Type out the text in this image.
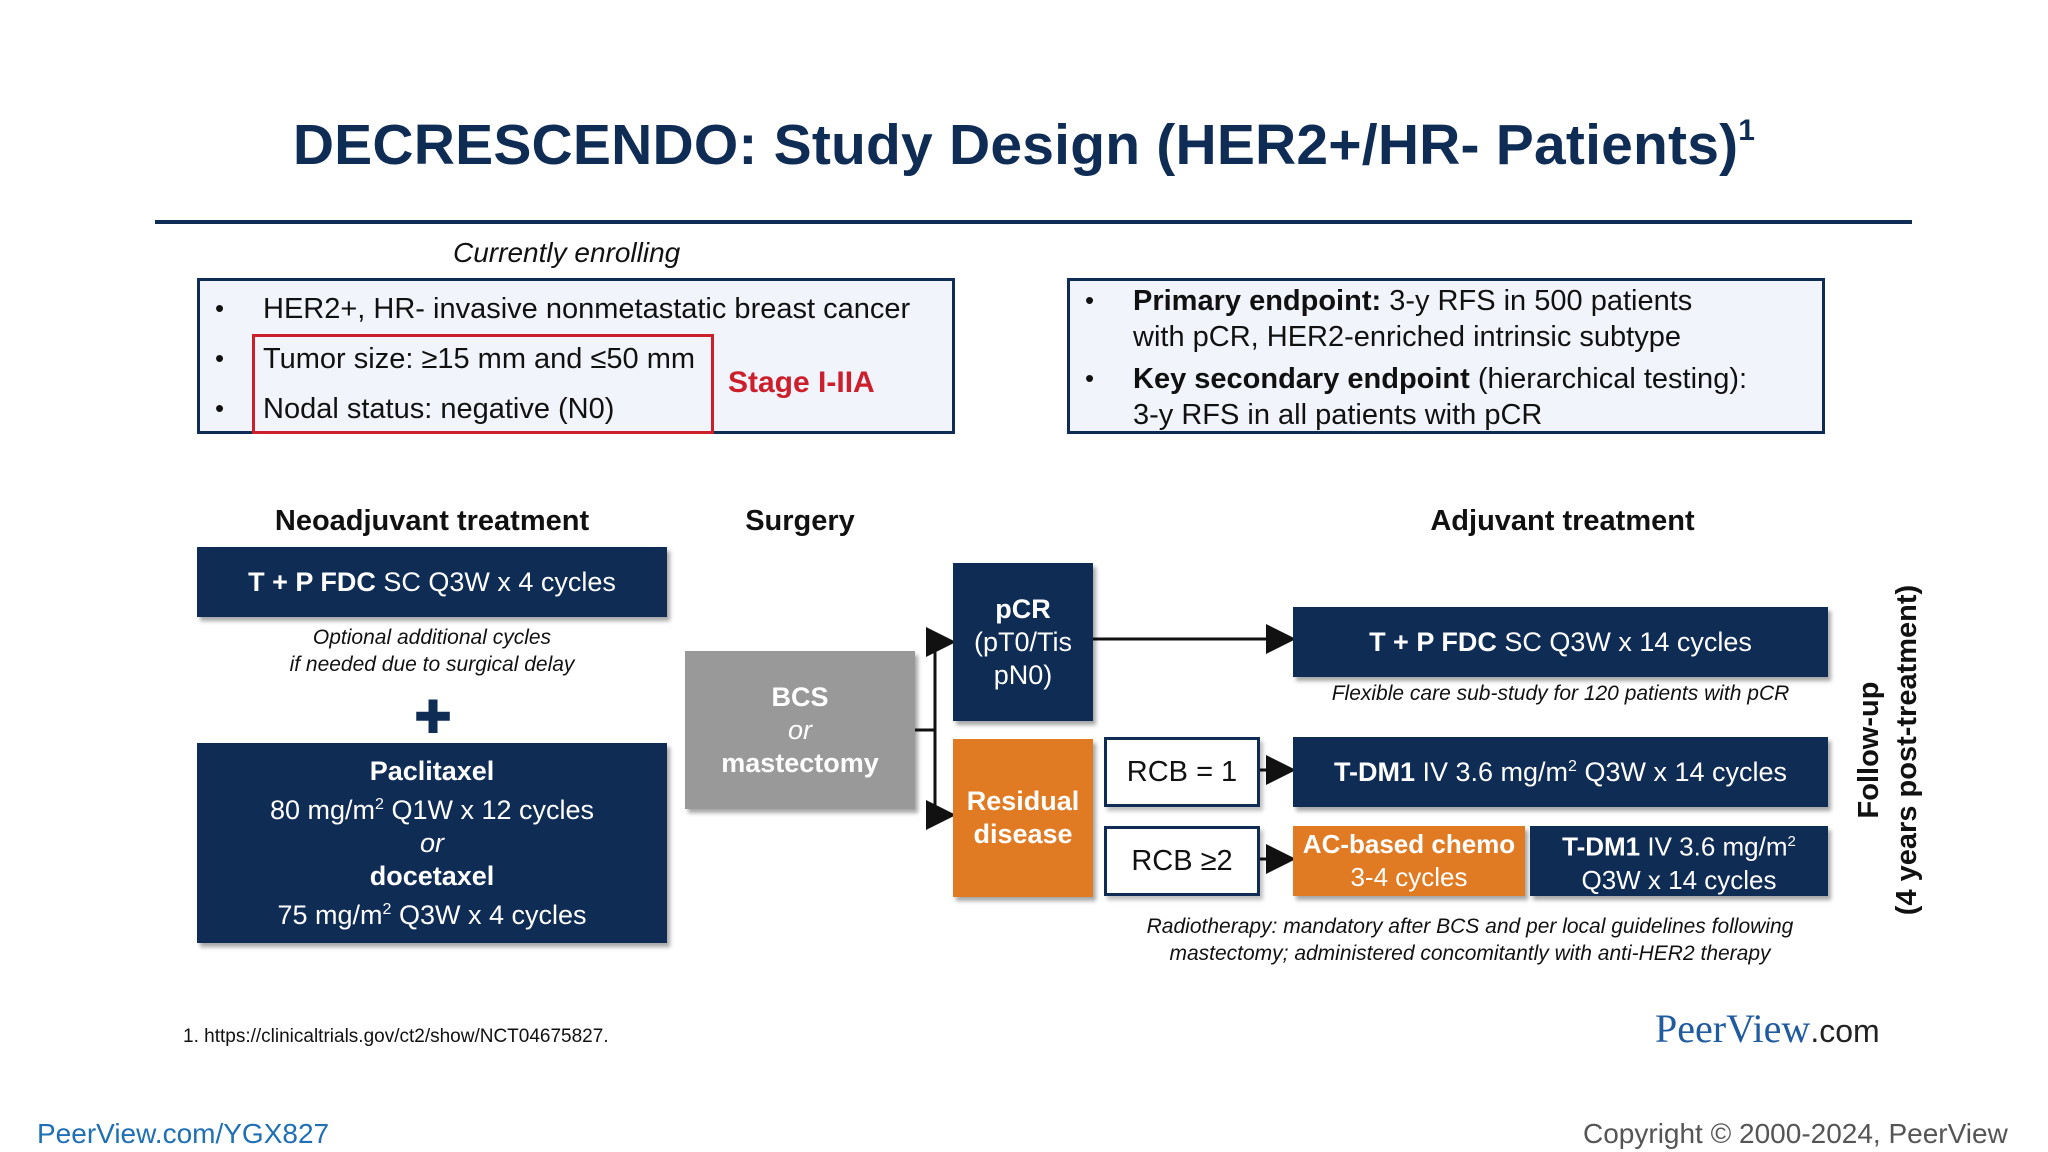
DECRESCENDO: Study Design (HER2+/HR- Patients)$^1$
Currently enrolling
• HER2+, HR- invasive nonmetastatic breast cancer
• Tumor size: ≥15 mm and ≤50 mm
• Nodal status: negative (N0)
Stage I-IIA
• Primary endpoint: 3-y RFS in 500 patients
with pCR, HER2-enriched intrinsic subtype
• Key secondary endpoint (hierarchical testing):
3-y RFS in all patients with pCR
Neoadjuvant treatment	Surgery	Adjuvant treatment
T + P FDC SC Q3W x 4 cycles
Optional additional cycles
if needed due to surgical delay
✚
Paclitaxel
80 $mg/m^2$ Q1W x 12 cycles
or
docetaxel
75 $mg/m^2$ Q3W x 4 cycles
BCS
or
mastectomy
pCR
(pT0/Tis
pN0)
Residual
disease
RCB = 1
RCB ≥2
T + P FDC SC Q3W x 14 cycles
Flexible care sub-study for 120 patients with pCR
T-DM1 IV 3.6 $mg/m^2$ Q3W x 14 cycles
AC-based chemo
3-4 cycles
T-DM1 IV 3.6 $mg/m^2$
Q3W x 14 cycles
Radiotherapy: mandatory after BCS and per local guidelines following
mastectomy; administered concomitantly with anti-HER2 therapy
Follow-up (4 years post-treatment)
1. https://clinicaltrials.gov/ct2/show/NCT04675827.	PeerView.com
PeerView.com/YGX827	Copyright © 2000-2024, PeerView
